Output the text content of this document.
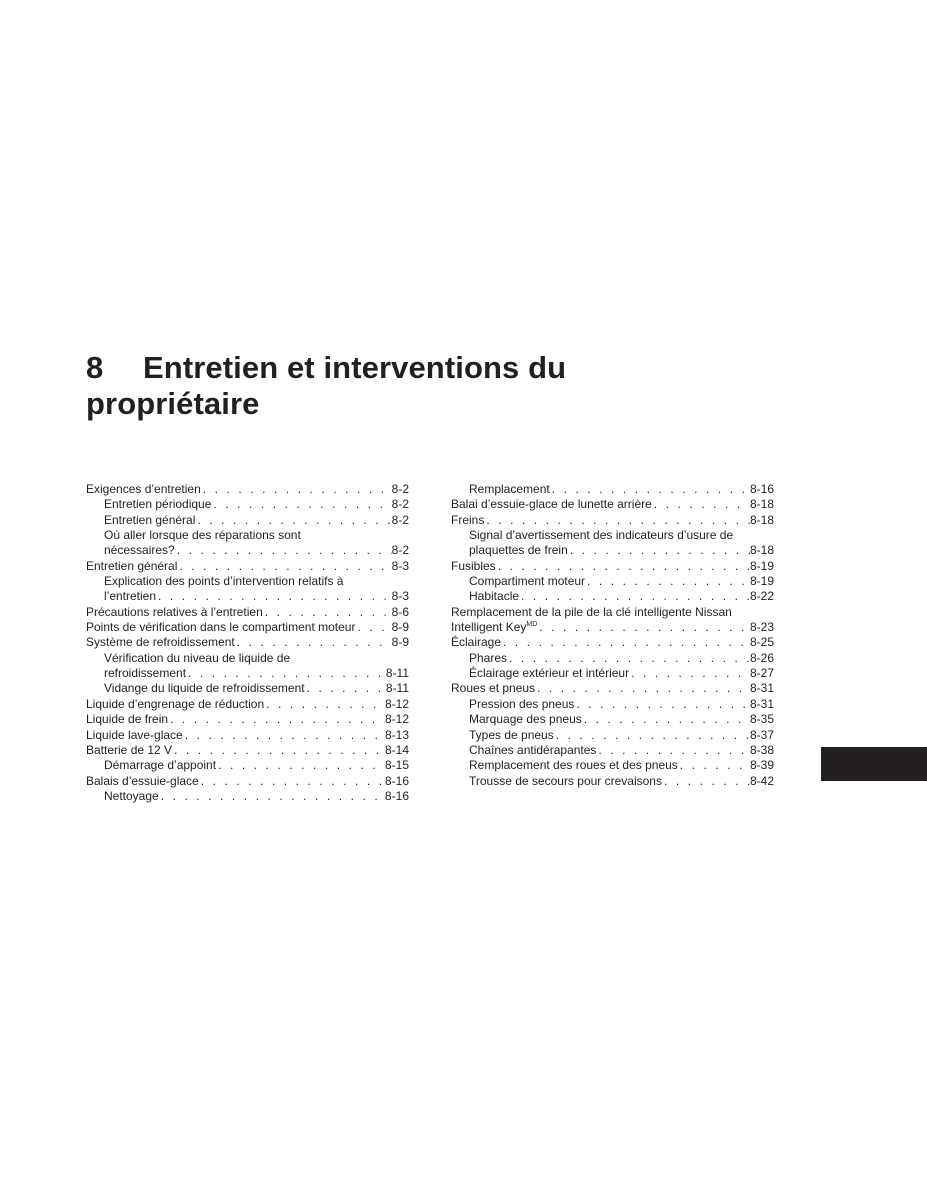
8 Entretien et interventions du
propriétaire
Exigences d’entretien . . .	8-2
Entretien périodique . . .	8-2
Entretien général . . .	8-2
Où aller lorsque des réparations sont
nécessaires? . . .	8-2
Entretien général . . .	8-3
Explication des points d’intervention relatifs à
l’entretien . . .	8-3
Précautions relatives à l’entretien . . .	8-6
Points de vérification dans le compartiment moteur . . .	8-9
Système de refroidissement . . .	8-9
Vérification du niveau de liquide de
refroidissement . . .	8-11
Vidange du liquide de refroidissement . . .	8-11
Liquide d’engrenage de réduction . . .	8-12
Liquide de frein . . .	8-12
Liquide lave-glace . . .	8-13
Batterie de 12 V . . .	8-14
Démarrage d’appoint . . .	8-15
Balais d’essuie-glace . . .	8-16
Nettoyage . . .	8-16
Remplacement . . .	8-16
Balai d’essuie-glace de lunette arrière . . .	8-18
Freins . . .	8-18
Signal d’avertissement des indicateurs d’usure de
plaquettes de frein . . .	8-18
Fusibles . . .	8-19
Compartiment moteur . . .	8-19
Habitacle . . .	8-22
Remplacement de la pile de la clé intelligente Nissan
Intelligent Key$^{MD}$ . . .	8-23
Éclairage . . .	8-25
Phares . . .	8-26
Éclairage extérieur et intérieur . . .	8-27
Roues et pneus . . .	8-31
Pression des pneus . . .	8-31
Marquage des pneus . . .	8-35
Types de pneus . . .	8-37
Chaînes antidérapantes . . .	8-38
Remplacement des roues et des pneus . . .	8-39
Trousse de secours pour crevaisons . . .	8-42
